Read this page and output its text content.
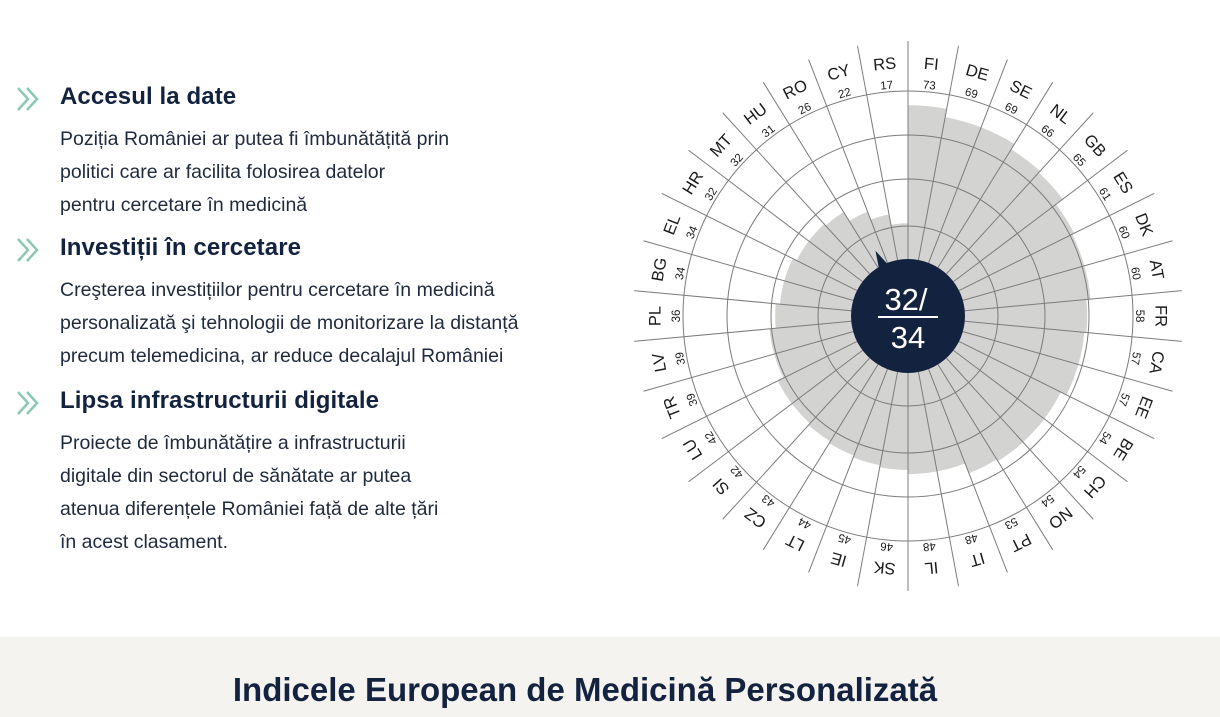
Accesul la date
Poziția României ar putea fi îmbunătățită prin
politici care ar facilita folosirea datelor
pentru cercetare în medicină
Investiții în cercetare
Creşterea investițiilor pentru cercetare în medicină
personalizată şi tehnologii de monitorizare la distanță
precum telemedicina, ar reduce decalajul României
Lipsa infrastructurii digitale
Proiecte de îmbunătățire a infrastructurii
digitale din sectorul de sănătate ar putea
atenua diferențele României față de alte țări
în acest clasament.
73
FI
69
DE
69
SE
66
NL
65
GB
61
ES
60 DK
60 AT
58 FR
57 CA
57 EE
54
BE
54
CH
54
NO
53
PT
48
IT
48
IL
46
SK
45
IE
44
LT
43
CZ
42
SI
42
LU
39
TR
39
LV
36
PL
34
BG
34
EL
32
HR
32
MT 31
HU 26
RO 22
CY
17
RS
32/
34
Indicele European de Medicină Personalizată
